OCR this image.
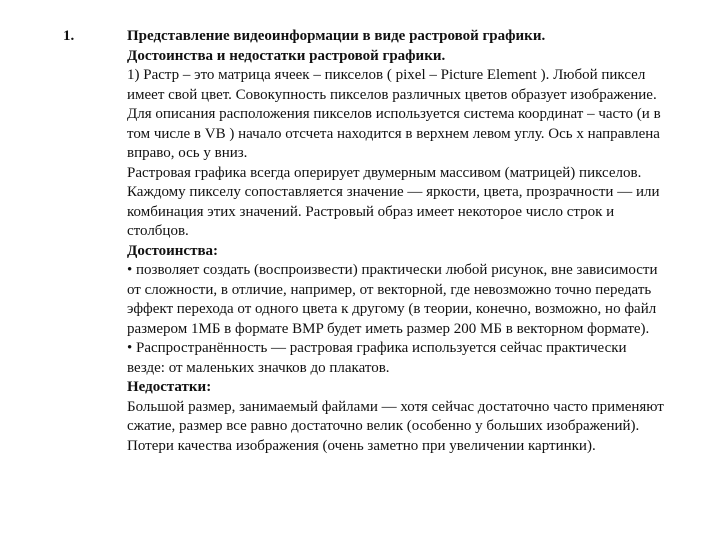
1.	Представление видеоинформации в виде растровой графики.

Достоинства и недостатки растровой графики.

1) Растр – это матрица ячеек – пикселов ( pixel – Picture Element ). Любой пиксел имеет свой цвет. Совокупность пикселов различных цветов образует изображение. Для описания расположения пикселов используется система координат – часто (и в том числе в VB ) начало отсчета находится в верхнем левом углу. Ось x направлена вправо, ось y вниз.

Растровая графика всегда оперирует двумерным массивом (матрицей) пикселов. Каждому пикселу сопоставляется значение — яркости, цвета, прозрачности — или комбинация этих значений. Растровый образ имеет некоторое число строк и столбцов.

Достоинства:

• позволяет создать (воспроизвести) практически любой рисунок, вне зависимости от сложности, в отличие, например, от векторной, где невозможно точно передать эффект перехода от одного цвета к другому (в теории, конечно, возможно, но файл размером 1МБ в формате BMP будет иметь размер 200 МБ в векторном формате).

• Распространённость — растровая графика используется сейчас практически везде: от маленьких значков до плакатов.

Недостатки:

Большой размер, занимаемый файлами — хотя сейчас достаточно часто применяют сжатие, размер все равно достаточно велик (особенно у больших изображений).

Потери качества изображения (очень заметно при увеличении картинки).
